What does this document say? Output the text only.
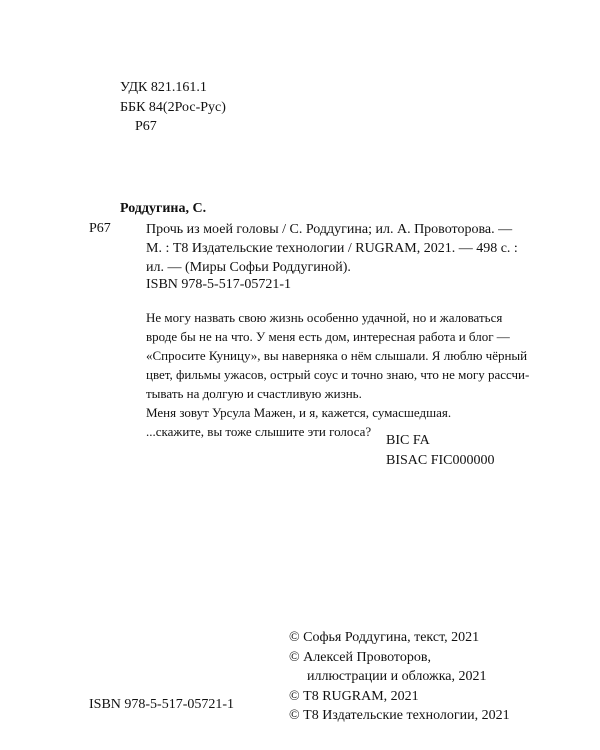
УДК 821.161.1
ББК 84(2Рос-Рус)
Р67
Роддугина, С.
Р67	Прочь из моей головы / С. Роддугина; ил. А. Провоторова. —
М. : Т8 Издательские технологии / RUGRAM, 2021. — 498 с. :
ил. — (Миры Софьи Роддугиной).
ISBN 978-5-517-05721-1
Не могу назвать свою жизнь особенно удачной, но и жаловаться
вроде бы не на что. У меня есть дом, интересная работа и блог —
«Спросите Куницу», вы наверняка о нём слышали. Я люблю чёрный
цвет, фильмы ужасов, острый соус и точно знаю, что не могу рассчи-
тывать на долгую и счастливую жизнь.
Меня зовут Урсула Мажен, и я, кажется, сумасшедшая.
...скажите, вы тоже слышите эти голоса?
BIC FA
BISAC FIC000000
© Софья Роддугина, текст, 2021
© Алексей Провоторов,
иллюстрации и обложка, 2021
© Т8 RUGRAM, 2021
© Т8 Издательские технологии, 2021
ISBN 978-5-517-05721-1
